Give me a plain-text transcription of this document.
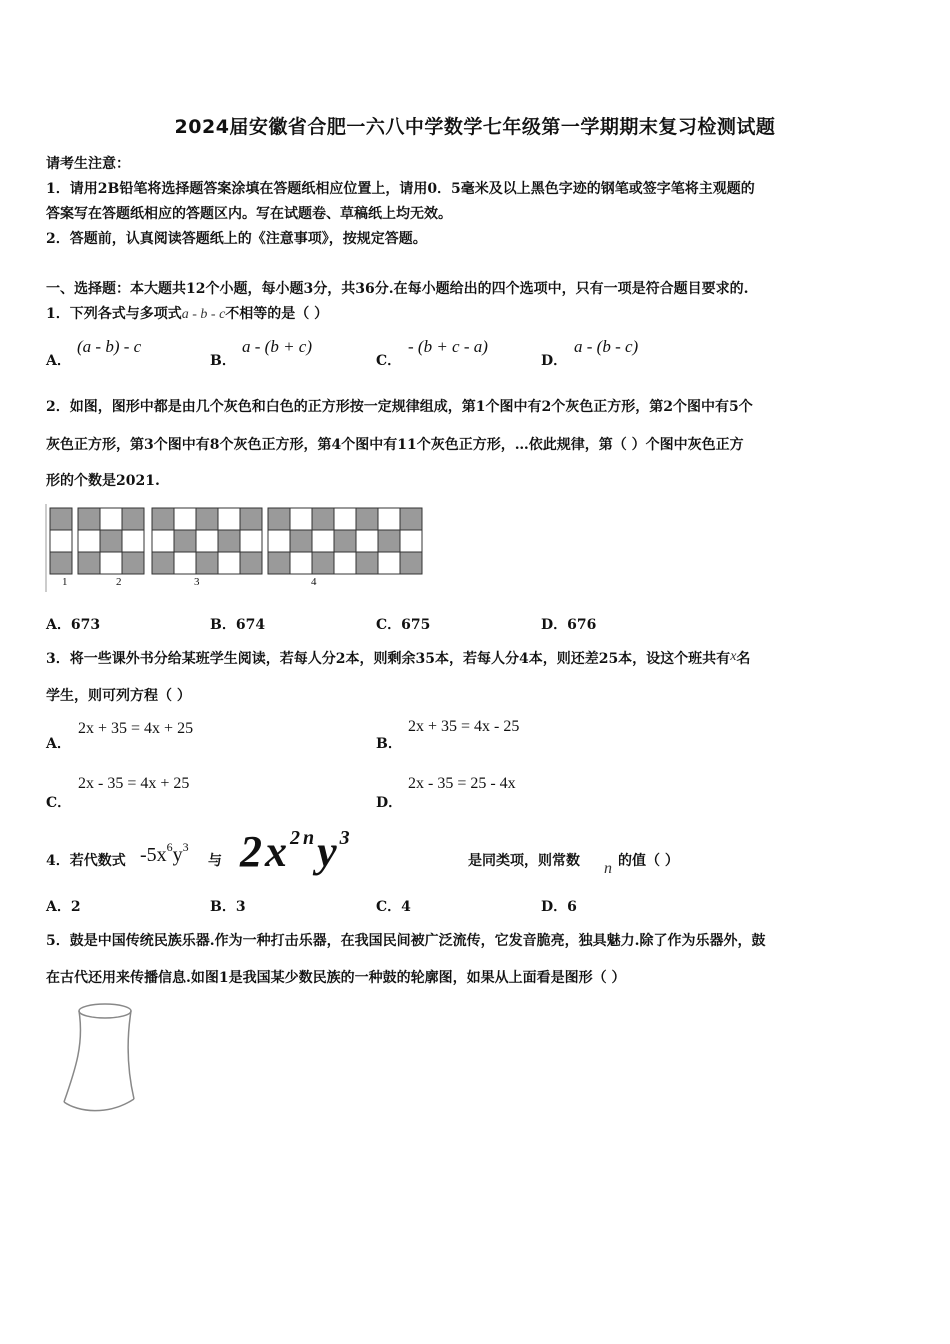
2024届安徽省合肥一六八中学数学七年级第一学期期末复习检测试题
请考生注意：
1．请用2B铅笔将选择题答案涂填在答题纸相应位置上，请用0．5毫米及以上黑色字迹的钢笔或签字笔将主观题的
答案写在答题纸相应的答题区内。写在试题卷、草稿纸上均无效。
2．答题前，认真阅读答题纸上的《注意事项》，按规定答题。
一、选择题：本大题共12个小题，每小题3分，共36分.在每小题给出的四个选项中，只有一项是符合题目要求的.
1．下列各式与多项式a - b - c不相等的是（ ）
A．
(a - b) - c
B．
a - (b + c)
C．
- (b + c - a)
D．
a - (b - c)
2．如图，图形中都是由几个灰色和白色的正方形按一定规律组成，第1个图中有2个灰色正方形，第2个图中有5个
灰色正方形，第3个图中有8个灰色正方形，第4个图中有11个灰色正方形，…依此规律，第（ ）个图中灰色正方
形的个数是2021.
1	2	3	4
A．673	B．674	C．675	D．676
3．将一些课外书分给某班学生阅读，若每人分2本，则剩余35本，若每人分4本，则还差25本，设这个班共有x名
学生，则可列方程（ ）
A．
2x + 35 = 4x + 25
B．
2x + 35 = 4x - 25
C．
2x - 35 = 4x + 25
D．
2x - 35 = 25 - 4x
4．若代数式 $-5x^6y^3$
与 $2x^{2n}y^3$
是同类项，则常数 n 的值（ ）
A．2	B．3	C．4	D．6
5．鼓是中国传统民族乐器.作为一种打击乐器，在我国民间被广泛流传，它发音脆亮，独具魅力.除了作为乐器外，鼓
在古代还用来传播信息.如图1是我国某少数民族的一种鼓的轮廓图，如果从上面看是图形（ ）
